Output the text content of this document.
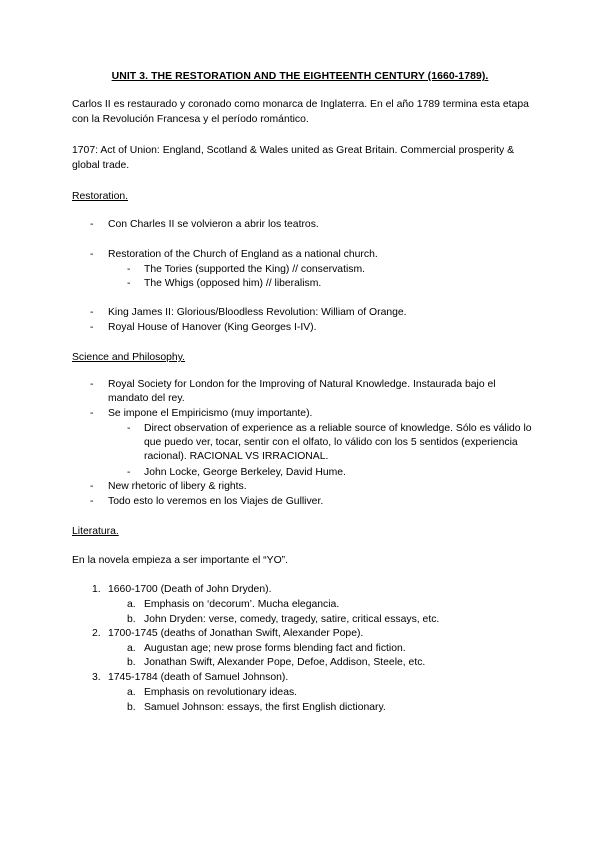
UNIT 3. THE RESTORATION AND THE EIGHTEENTH CENTURY (1660-1789).
Carlos II es restaurado y coronado como monarca de Inglaterra. En el año 1789 termina esta etapa con la Revolución Francesa y el período romántico.
1707: Act of Union: England, Scotland & Wales united as Great Britain. Commercial prosperity & global trade.
Restoration.
- Con Charles II se volvieron a abrir los teatros.
- Restoration of the Church of England as a national church.
- The Tories (supported the King) // conservatism.
- The Whigs (opposed him) // liberalism.
- King James II: Glorious/Bloodless Revolution: William of Orange.
- Royal House of Hanover (King Georges I-IV).
Science and Philosophy.
- Royal Society for London for the Improving of Natural Knowledge. Instaurada bajo el mandato del rey.
- Se impone el Empiricismo (muy importante).
- Direct observation of experience as a reliable source of knowledge. Sólo es válido lo que puedo ver, tocar, sentir con el olfato, lo válido con los 5 sentidos (experiencia racional). RACIONAL VS IRRACIONAL.
- John Locke, George Berkeley, David Hume.
- New rhetoric of libery & rights.
- Todo esto lo veremos en los Viajes de Gulliver.
Literatura.
En la novela empieza a ser importante el “YO”.
1. 1660-1700 (Death of John Dryden).
a. Emphasis on ‘decorum’. Mucha elegancia.
b. John Dryden: verse, comedy, tragedy, satire, critical essays, etc.
2. 1700-1745 (deaths of Jonathan Swift, Alexander Pope).
a. Augustan age; new prose forms blending fact and fiction.
b. Jonathan Swift, Alexander Pope, Defoe, Addison, Steele, etc.
3. 1745-1784 (death of Samuel Johnson).
a. Emphasis on revolutionary ideas.
b. Samuel Johnson: essays, the first English dictionary.
